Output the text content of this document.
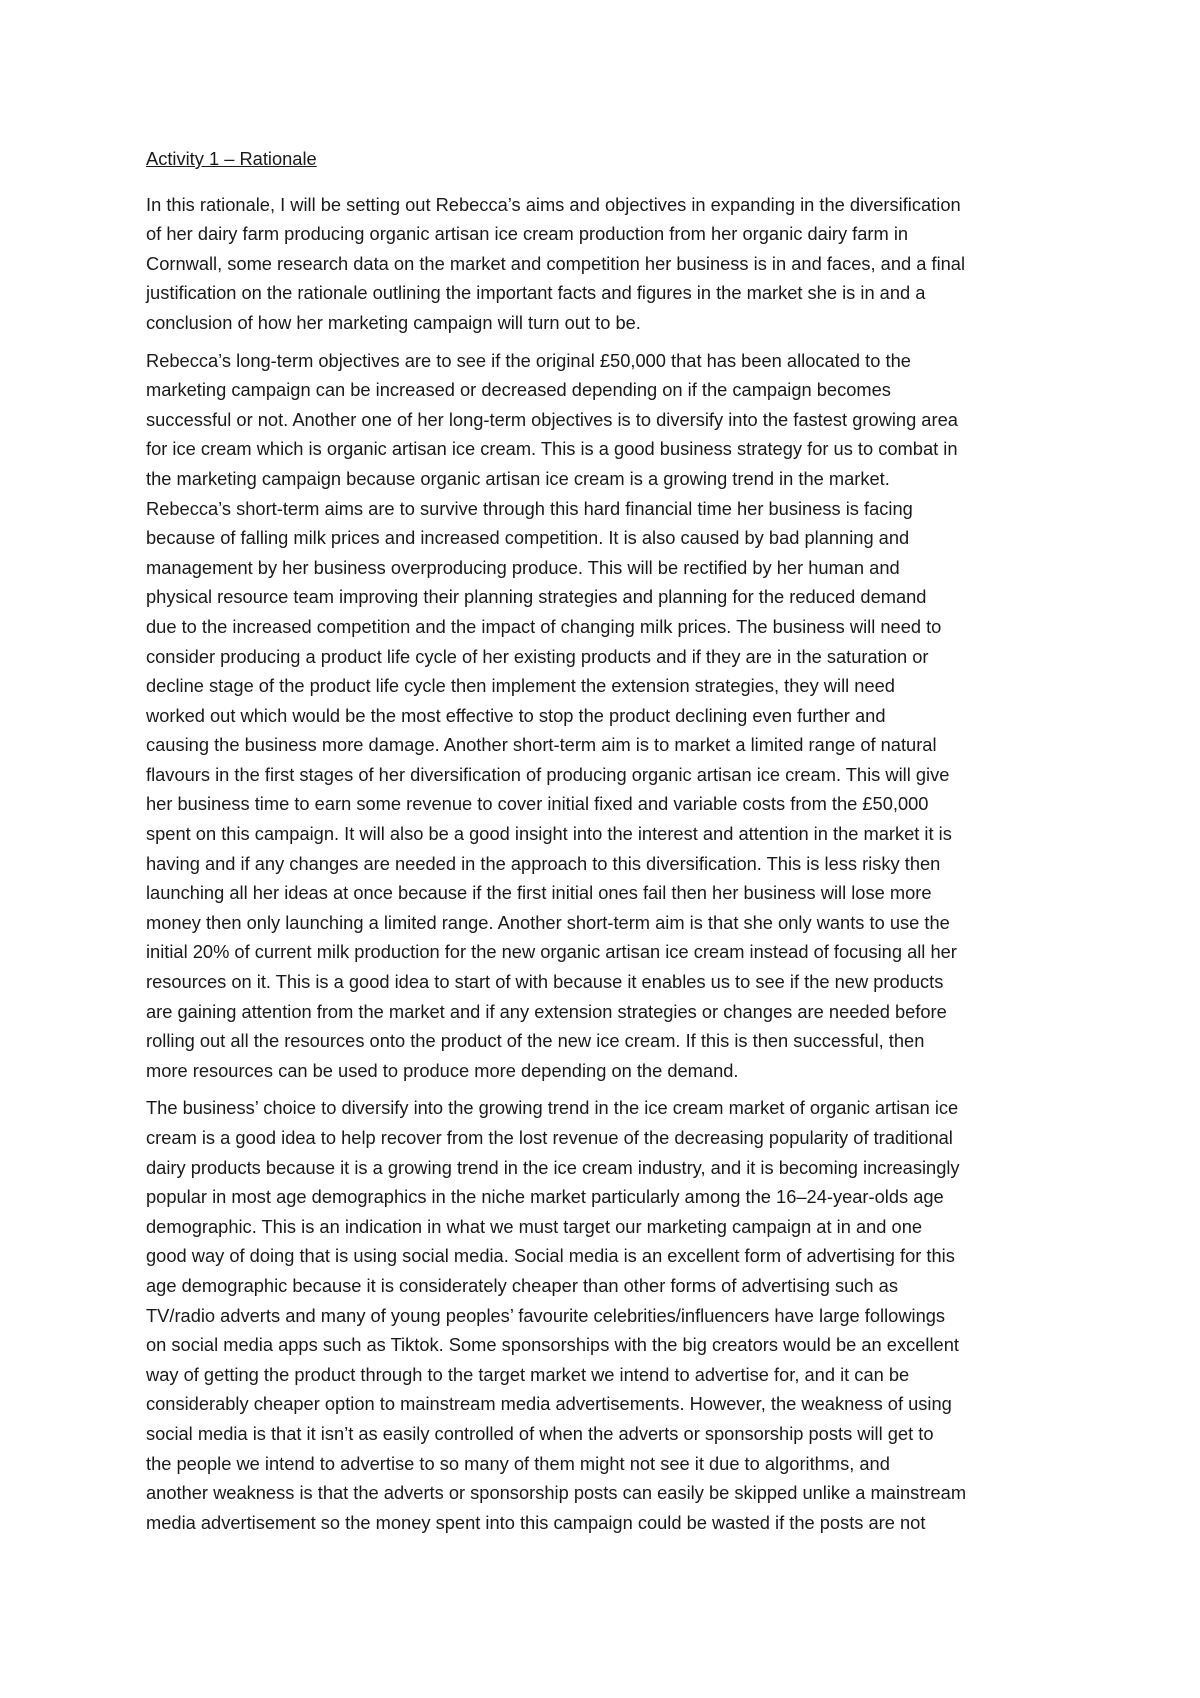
Activity 1 – Rationale
In this rationale, I will be setting out Rebecca’s aims and objectives in expanding in the diversification
of her dairy farm producing organic artisan ice cream production from her organic dairy farm in
Cornwall, some research data on the market and competition her business is in and faces, and a final
justification on the rationale outlining the important facts and figures in the market she is in and a
conclusion of how her marketing campaign will turn out to be.
Rebecca’s long-term objectives are to see if the original £50,000 that has been allocated to the
marketing campaign can be increased or decreased depending on if the campaign becomes
successful or not. Another one of her long-term objectives is to diversify into the fastest growing area
for ice cream which is organic artisan ice cream. This is a good business strategy for us to combat in
the marketing campaign because organic artisan ice cream is a growing trend in the market.
Rebecca’s short-term aims are to survive through this hard financial time her business is facing
because of falling milk prices and increased competition. It is also caused by bad planning and
management by her business overproducing produce. This will be rectified by her human and
physical resource team improving their planning strategies and planning for the reduced demand
due to the increased competition and the impact of changing milk prices. The business will need to
consider producing a product life cycle of her existing products and if they are in the saturation or
decline stage of the product life cycle then implement the extension strategies, they will need
worked out which would be the most effective to stop the product declining even further and
causing the business more damage. Another short-term aim is to market a limited range of natural
flavours in the first stages of her diversification of producing organic artisan ice cream. This will give
her business time to earn some revenue to cover initial fixed and variable costs from the £50,000
spent on this campaign. It will also be a good insight into the interest and attention in the market it is
having and if any changes are needed in the approach to this diversification. This is less risky then
launching all her ideas at once because if the first initial ones fail then her business will lose more
money then only launching a limited range. Another short-term aim is that she only wants to use the
initial 20% of current milk production for the new organic artisan ice cream instead of focusing all her
resources on it. This is a good idea to start of with because it enables us to see if the new products
are gaining attention from the market and if any extension strategies or changes are needed before
rolling out all the resources onto the product of the new ice cream. If this is then successful, then
more resources can be used to produce more depending on the demand.
The business’ choice to diversify into the growing trend in the ice cream market of organic artisan ice
cream is a good idea to help recover from the lost revenue of the decreasing popularity of traditional
dairy products because it is a growing trend in the ice cream industry, and it is becoming increasingly
popular in most age demographics in the niche market particularly among the 16–24-year-olds age
demographic. This is an indication in what we must target our marketing campaign at in and one
good way of doing that is using social media. Social media is an excellent form of advertising for this
age demographic because it is considerately cheaper than other forms of advertising such as
TV/radio adverts and many of young peoples’ favourite celebrities/influencers have large followings
on social media apps such as Tiktok. Some sponsorships with the big creators would be an excellent
way of getting the product through to the target market we intend to advertise for, and it can be
considerably cheaper option to mainstream media advertisements. However, the weakness of using
social media is that it isn’t as easily controlled of when the adverts or sponsorship posts will get to
the people we intend to advertise to so many of them might not see it due to algorithms, and
another weakness is that the adverts or sponsorship posts can easily be skipped unlike a mainstream
media advertisement so the money spent into this campaign could be wasted if the posts are not
